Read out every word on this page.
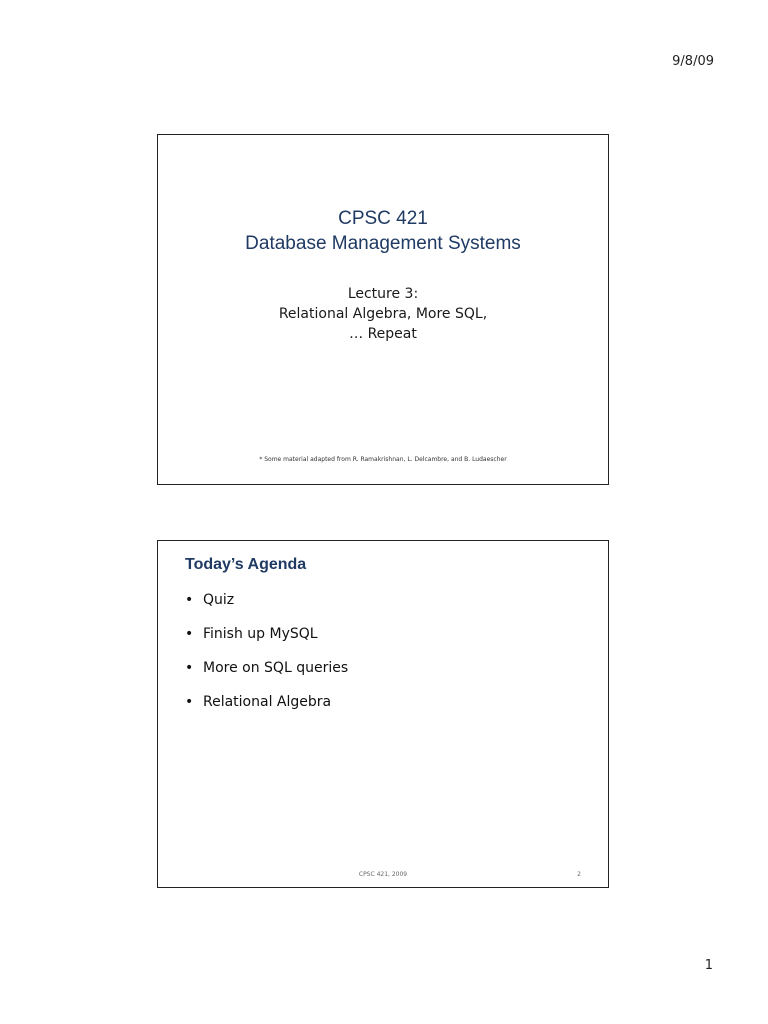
9/8/09
CPSC 421
Database Management Systems
Lecture 3:
Relational Algebra, More SQL,
… Repeat
* Some material adapted from R. Ramakrishnan, L. Delcambre, and B. Ludaescher
Today’s Agenda
• Quiz
• Finish up MySQL
• More on SQL queries
• Relational Algebra
CPSC 421, 2009	2
1
